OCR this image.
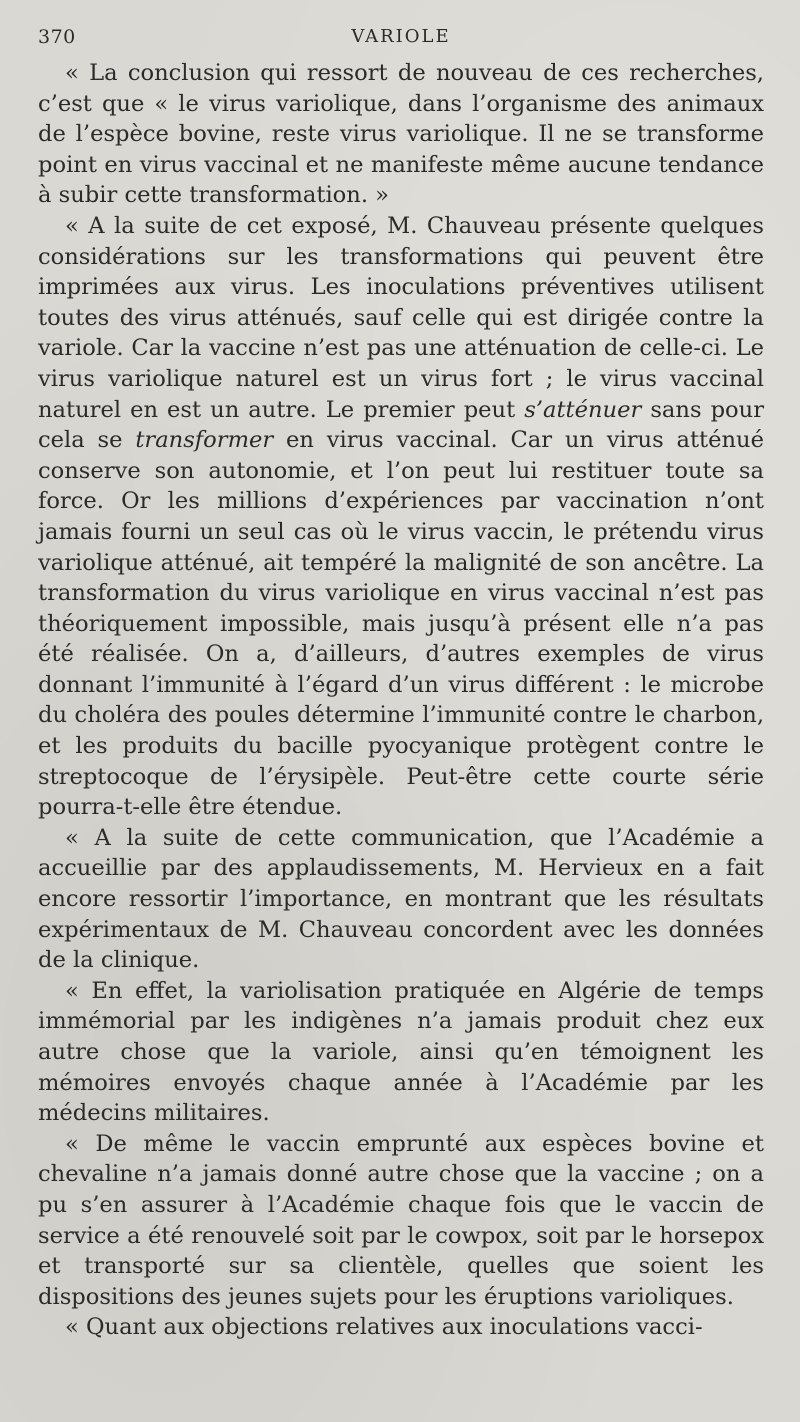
370	VARIOLE

« La conclusion qui ressort de nouveau de ces recherches, c’est que « le virus variolique, dans l’organisme des animaux de l’espèce bovine, reste virus variolique. Il ne se transforme point en virus vaccinal et ne manifeste même aucune tendance à subir cette transformation. »

« A la suite de cet exposé, M. Chauveau présente quelques considérations sur les transformations qui peuvent être imprimées aux virus. Les inoculations préventives utilisent toutes des virus atténués, sauf celle qui est dirigée contre la variole. Car la vaccine n’est pas une atténuation de celle-ci. Le virus variolique naturel est un virus fort ; le virus vaccinal naturel en est un autre. Le premier peut s’atténuer sans pour cela se transformer en virus vaccinal. Car un virus atténué conserve son autonomie, et l’on peut lui restituer toute sa force. Or les millions d’expériences par vaccination n’ont jamais fourni un seul cas où le virus vaccin, le prétendu virus variolique atténué, ait tempéré la malignité de son ancêtre. La transformation du virus variolique en virus vaccinal n’est pas théoriquement impossible, mais jusqu’à présent elle n’a pas été réalisée. On a, d’ailleurs, d’autres exemples de virus donnant l’immunité à l’égard d’un virus différent : le microbe du choléra des poules détermine l’immunité contre le charbon, et les produits du bacille pyocyanique protègent contre le streptocoque de l’érysipèle. Peut-être cette courte série pourra-t-elle être étendue.

« A la suite de cette communication, que l’Académie a accueillie par des applaudissements, M. Hervieux en a fait encore ressortir l’importance, en montrant que les résultats expérimentaux de M. Chauveau concordent avec les données de la clinique.

« En effet, la variolisation pratiquée en Algérie de temps immémorial par les indigènes n’a jamais produit chez eux autre chose que la variole, ainsi qu’en témoignent les mémoires envoyés chaque année à l’Académie par les médecins militaires.

« De même le vaccin emprunté aux espèces bovine et chevaline n’a jamais donné autre chose que la vaccine ; on a pu s’en assurer à l’Académie chaque fois que le vaccin de service a été renouvelé soit par le cowpox, soit par le horsepox et transporté sur sa clientèle, quelles que soient les dispositions des jeunes sujets pour les éruptions varioliques.

« Quant aux objections relatives aux inoculations vacci-
